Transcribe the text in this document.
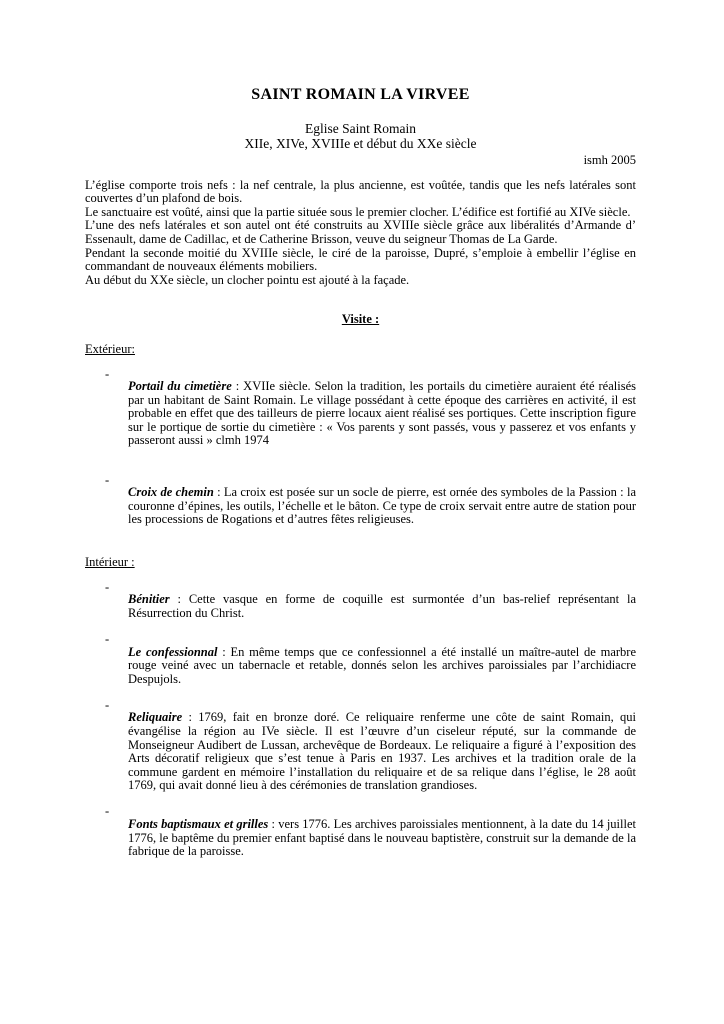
SAINT ROMAIN LA VIRVEE
Eglise Saint Romain
XIIe, XIVe, XVIIIe et début du XXe siècle
ismh 2005

L’église comporte trois nefs : la nef centrale, la plus ancienne, est voûtée, tandis que les nefs latérales sont couvertes d’un plafond de bois.

Le sanctuaire est voûté, ainsi que la partie située sous le premier clocher. L’édifice est fortifié au XIVe siècle.

L’une des nefs latérales et son autel ont été construits au XVIIIe siècle grâce aux libéralités d’Armande d’ Essenault, dame de Cadillac, et de Catherine Brisson, veuve du seigneur Thomas de La Garde.

Pendant la seconde moitié du XVIIIe siècle, le ciré de la paroisse, Dupré, s’emploie à embellir l’église en commandant de nouveaux éléments mobiliers.

Au début du XXe siècle, un clocher pointu est ajouté à la façade.

Visite :
Extérieur:
-

Portail du cimetière : XVIIe siècle. Selon la tradition, les portails du cimetière auraient été réalisés par un habitant de Saint Romain. Le village possédant à cette époque des carrières en activité, il est probable en effet que des tailleurs de pierre locaux aient réalisé ses portiques. Cette inscription figure sur le portique de sortie du cimetière : « Vos parents y sont passés, vous y passerez et vos enfants y passeront aussi » clmh 1974

-

Croix de chemin : La croix est posée sur un socle de pierre, est ornée des symboles de la Passion : la couronne d’épines, les outils, l’échelle et le bâton. Ce type de croix servait entre autre de station pour les processions de Rogations et d’autres fêtes religieuses.

Intérieur :
-

Bénitier : Cette vasque en forme de coquille est surmontée d’un bas-relief représentant la Résurrection du Christ.

-

Le confessionnal : En même temps que ce confessionnel a été installé un maître-autel de marbre rouge veiné avec un tabernacle et retable, donnés selon les archives paroissiales par l’archidiacre Despujols.

-

Reliquaire : 1769, fait en bronze doré. Ce reliquaire renferme une côte de saint Romain, qui évangélise la région au IVe siècle. Il est l’œuvre d’un ciseleur réputé, sur la commande de Monseigneur Audibert de Lussan, archevêque de Bordeaux. Le reliquaire a figuré à l’exposition des Arts décoratif religieux que s’est tenue à Paris en 1937. Les archives et la tradition orale de la commune gardent en mémoire l’installation du reliquaire et de sa relique dans l’église, le 28 août 1769, qui avait donné lieu à des cérémonies de translation grandioses.

-

Fonts baptismaux et grilles : vers 1776. Les archives paroissiales mentionnent, à la date du 14 juillet 1776, le baptême du premier enfant baptisé dans le nouveau baptistère, construit sur la demande de la fabrique de la paroisse.
